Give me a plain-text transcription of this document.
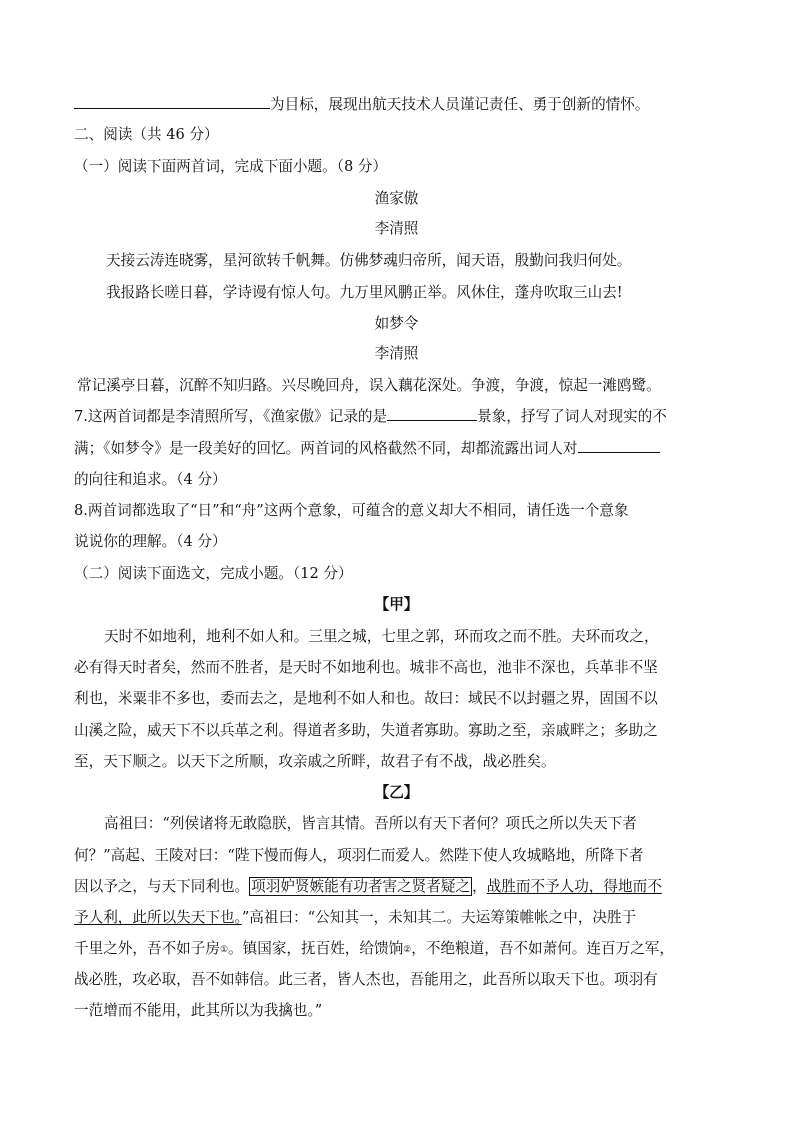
为目标，展现出航天技术人员谨记责任、勇于创新的情怀。
二、阅读（共 46 分）
（一）阅读下面两首词，完成下面小题。（8 分）
渔家傲
李清照
天接云涛连晓雾，星河欲转千帆舞。仿佛梦魂归帝所，闻天语，殷勤问我归何处。
我报路长嗟日暮，学诗谩有惊人句。九万里风鹏正举。风休住，蓬舟吹取三山去!
如梦令
李清照
常记溪亭日暮，沉醉不知归路。兴尽晚回舟，误入藕花深处。争渡，争渡，惊起一滩鸥鹭。
7.这两首词都是李清照所写，《渔家傲》记录的是	景象，抒写了词人对现实的不
满；《如梦令》是一段美好的回忆。两首词的风格截然不同，却都流露出词人对
的向往和追求。（4 分）
8.两首词都选取了“日”和“舟”这两个意象，可蕴含的意义却大不相同，请任选一个意象
说说你的理解。（4 分）
（二）阅读下面选文，完成小题。（12 分）
【甲】
天时不如地利，地利不如人和。三里之城，七里之郭，环而攻之而不胜。夫环而攻之，
必有得天时者矣，然而不胜者，是天时不如地利也。城非不高也，池非不深也，兵革非不坚
利也，米粟非不多也，委而去之，是地利不如人和也。故曰：域民不以封疆之界，固国不以
山溪之险，威天下不以兵革之利。得道者多助，失道者寡助。寡助之至，亲戚畔之；多助之
至，天下顺之。以天下之所顺，攻亲戚之所畔，故君子有不战，战必胜矣。
【乙】
高祖曰：“列侯诸将无敢隐朕，皆言其情。吾所以有天下者何？项氏之所以失天下者
何？”高起、王陵对曰：“陛下慢而侮人，项羽仁而爱人。然陛下使人攻城略地，所降下者
因以予之，与天下同利也。 项羽妒贤嫉能有功者害之贤者疑之 ，战胜而不予人功，得地而不
予人利，此所以失天下也。”高祖曰：“公知其一，未知其二。夫运筹策帷帐之中，决胜于
千里之外，吾不如子房①。镇国家，抚百姓，给馈饷②，不绝粮道，吾不如萧何。连百万之军，
战必胜，攻必取，吾不如韩信。此三者，皆人杰也，吾能用之，此吾所以取天下也。项羽有
一范增而不能用，此其所以为我擒也。”
